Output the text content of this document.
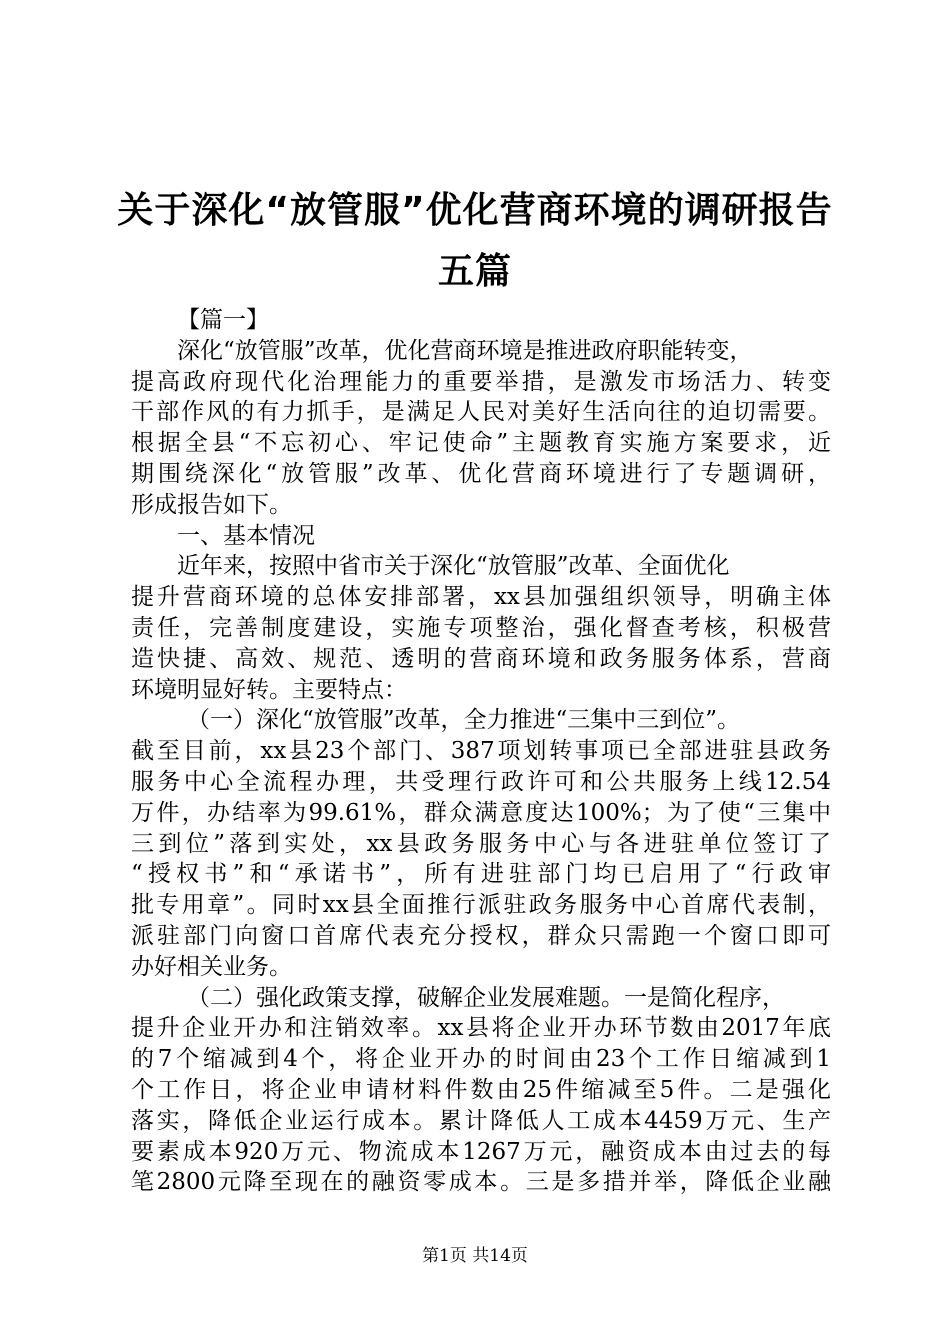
关于深化“放管服”优化营商环境的调研报告
五篇
【篇一】
深化“放管服”改革，优化营商环境是推进政府职能转变，
提高政府现代化治理能力的重要举措，是激发市场活力、转变
干部作风的有力抓手，是满足人民对美好生活向往的迫切需要。
根据全县“不忘初心、牢记使命”主题教育实施方案要求，近
期围绕深化“放管服”改革、优化营商环境进行了专题调研，
形成报告如下。
一、基本情况
近年来，按照中省市关于深化“放管服”改革、全面优化
提升营商环境的总体安排部署，xx县加强组织领导，明确主体
责任，完善制度建设，实施专项整治，强化督查考核，积极营
造快捷、高效、规范、透明的营商环境和政务服务体系，营商
环境明显好转。主要特点：
（一）深化“放管服”改革，全力推进“三集中三到位”。
截至目前，xx县23个部门、387项划转事项已全部进驻县政务
服务中心全流程办理，共受理行政许可和公共服务上线12.54
万件，办结率为99.61%，群众满意度达100%；为了使“三集中
三到位”落到实处，xx县政务服务中心与各进驻单位签订了
“授权书”和“承诺书”，所有进驻部门均已启用了“行政审
批专用章”。同时xx县全面推行派驻政务服务中心首席代表制，
派驻部门向窗口首席代表充分授权，群众只需跑一个窗口即可
办好相关业务。
（二）强化政策支撑，破解企业发展难题。一是简化程序，
提升企业开办和注销效率。xx县将企业开办环节数由2017年底
的7个缩减到4个，将企业开办的时间由23个工作日缩减到1
个工作日，将企业申请材料件数由25件缩减至5件。二是强化
落实，降低企业运行成本。累计降低人工成本4459万元、生产
要素成本920万元、物流成本1267万元，融资成本由过去的每
笔2800元降至现在的融资零成本。三是多措并举，降低企业融
第1页 共14页
